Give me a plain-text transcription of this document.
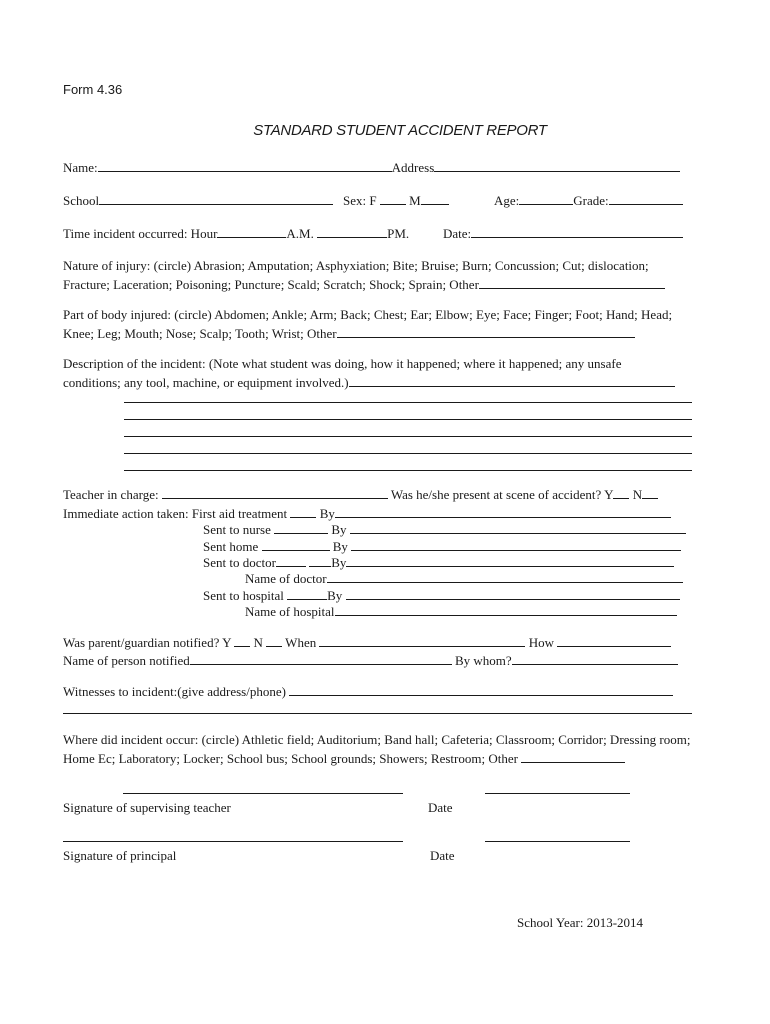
Form 4.36
STANDARD STUDENT ACCIDENT REPORT
Name:	Address
School	Sex: F	M	Age:	Grade:
Time incident occurred: Hour	A.M.	PM.	Date:
Nature of injury: (circle) Abrasion; Amputation; Asphyxiation; Bite; Bruise; Burn; Concussion; Cut; dislocation;
Fracture; Laceration; Poisoning; Puncture; Scald; Scratch; Shock; Sprain; Other
Part of body injured: (circle) Abdomen; Ankle; Arm; Back; Chest; Ear; Elbow; Eye; Face; Finger; Foot; Hand; Head;
Knee; Leg; Mouth; Nose; Scalp; Tooth; Wrist; Other
Description of the incident: (Note what student was doing, how it happened; where it happened; any unsafe
conditions; any tool, machine, or equipment involved.)
Teacher in charge:	Was he/she present at scene of accident? Y N
Immediate action taken: First aid treatment	By
Sent to nurse	By
Sent home	By
Sent to doctor	By
Name of doctor
Sent to hospital	By
Name of hospital
Was parent/guardian notified? Y N When	How
Name of person notified	By whom?
Witnesses to incident:(give address/phone)
Where did incident occur: (circle) Athletic field; Auditorium; Band hall; Cafeteria; Classroom; Corridor; Dressing room;
Home Ec; Laboratory; Locker; School bus; School grounds; Showers; Restroom; Other
Signature of supervising teacher	Date
Signature of principal	Date
School Year: 2013-2014
